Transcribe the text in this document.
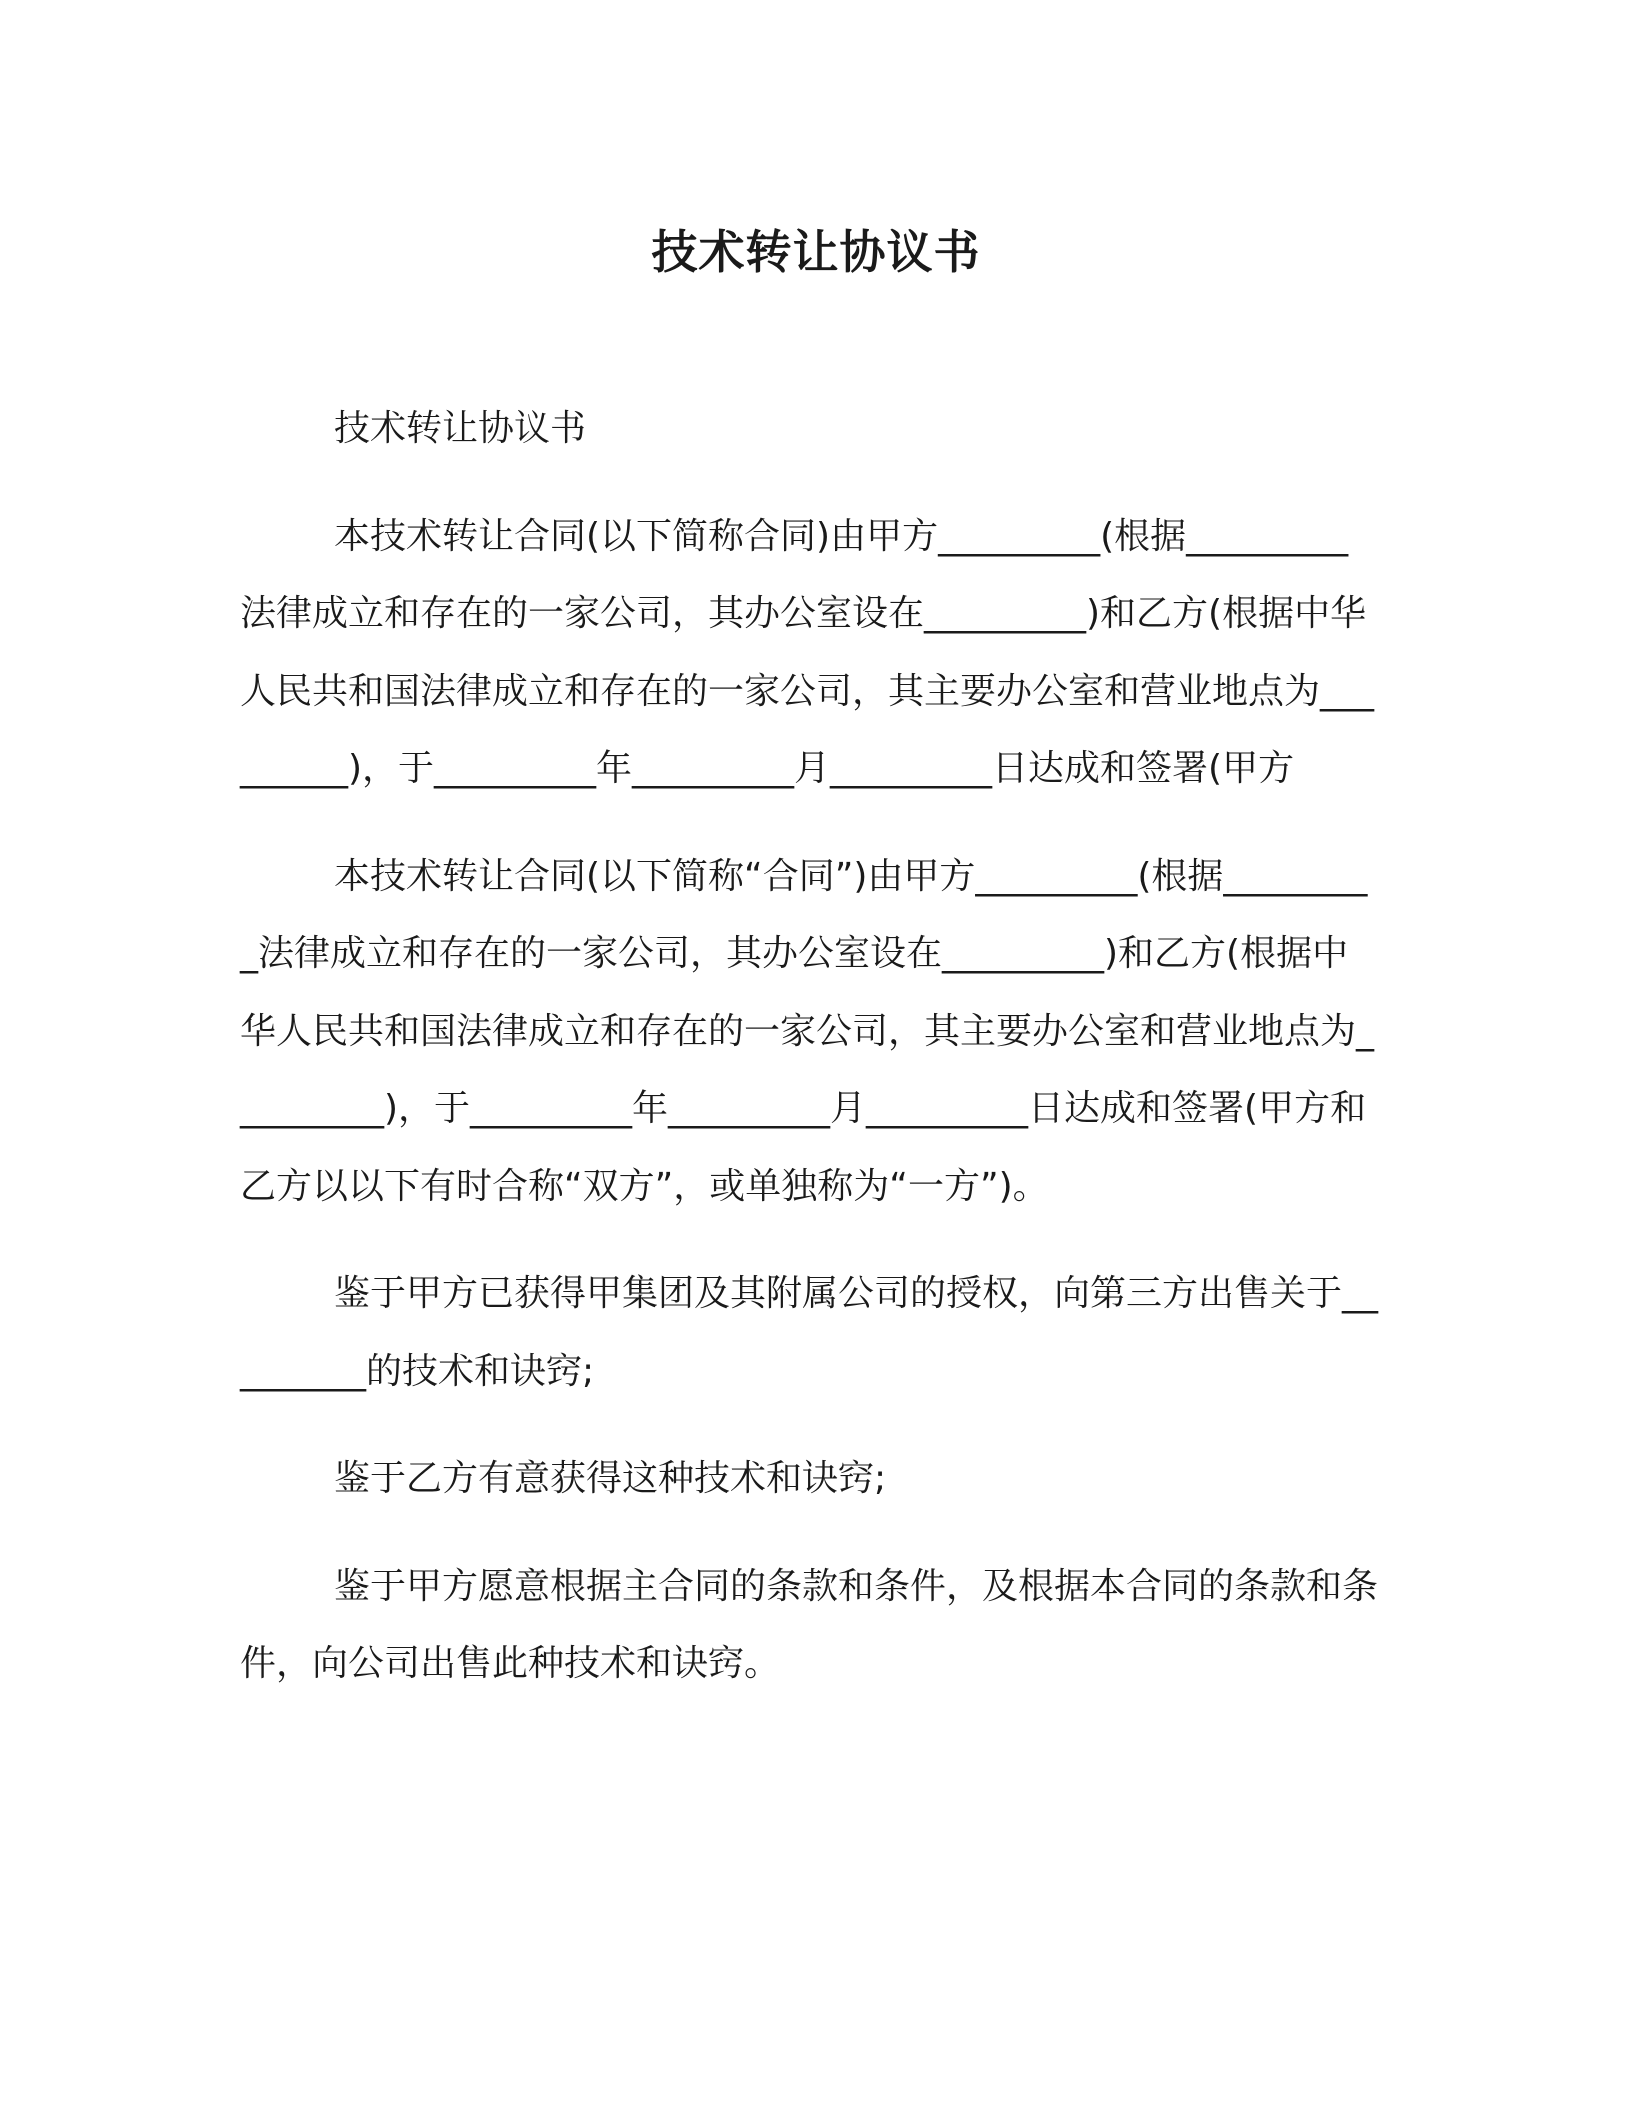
技术转让协议书

技术转让协议书

本技术转让合同(以下简称合同)由甲方_________(根据_________法律成立和存在的一家公司，其办公室设在_________)和乙方(根据中华人民共和国法律成立和存在的一家公司，其主要办公室和营业地点为_________)，于_________年_________月_________日达成和签署(甲方

本技术转让合同(以下简称“合同”)由甲方_________(根据_________法律成立和存在的一家公司，其办公室设在_________)和乙方(根据中华人民共和国法律成立和存在的一家公司，其主要办公室和营业地点为_________)，于_________年_________月_________日达成和签署(甲方和乙方以以下有时合称“双方”，或单独称为“一方”)。

鉴于甲方已获得甲集团及其附属公司的授权，向第三方出售关于_________的技术和诀窍;

鉴于乙方有意获得这种技术和诀窍;

鉴于甲方愿意根据主合同的条款和条件，及根据本合同的条款和条件，向公司出售此种技术和诀窍。
